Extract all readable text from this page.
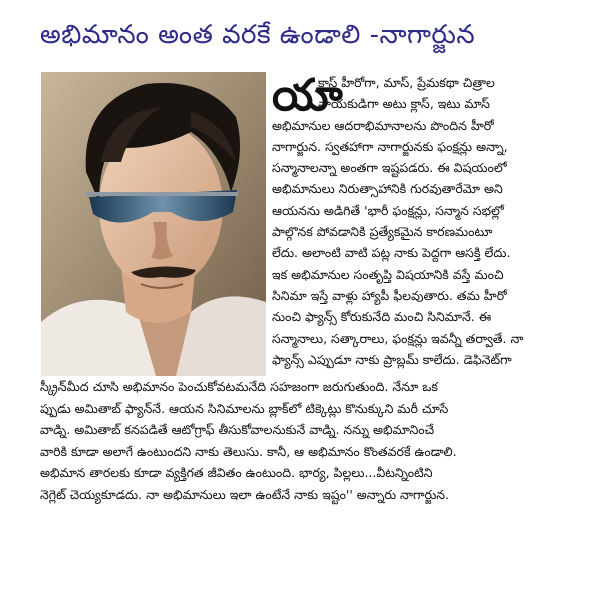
అభిమానం అంత వరకే ఉండాలి -నాగార్జున
యా
క్లాస్ హీరోగా, మాస్, ప్రేమకథా చిత్రాల
నాయకుడిగా అటు క్లాస్, ఇటు మాస్
అభిమానుల ఆదరాభిమానాలను పొందిన హీరో
నాగార్జున. స్వతహాగా నాగార్జునకు ఫంక్షన్లు అన్నా,
సన్మానాలన్నా అంతగా ఇష్టపడరు. ఈ విషయంలో
అభిమానులు నిరుత్సాహానికి గురవుతారేమో అని
ఆయనను అడిగితే 'భారీ ఫంక్షన్లు, సన్మాన సభల్లో
పాల్గొనక పోవడానికి ప్రత్యేకమైన కారణమంటూ
లేదు. అలాంటి వాటి పట్ల నాకు పెద్దగా ఆసక్తి లేదు.
ఇక అభిమానుల సంతృప్తి విషయానికి వస్తే మంచి
సినిమా ఇస్తే వాళ్లు హ్యాపీ ఫీలవుతారు. తమ హీరో
నుంచి ఫ్యాన్స్ కోరుకునేది మంచి సినిమానే. ఈ
సన్మానాలు, సత్కారాలు, ఫంక్షన్లు ఇవన్నీ తర్వాతే. నా
ఫ్యాన్స్ ఎప్పుడూ నాకు ప్రాబ్లమ్ కాలేదు. డెఫినెట్‌గా
స్క్రీన్‌మీద చూసి అభిమానం పెంచుకోవటమనేది సహజంగా జరుగుతుంది. నేనూ ఒక
ప్పుడు అమితాబ్ ఫ్యాన్‌నే. ఆయన సినిమాలను బ్లాక్‌లో టిక్కెట్లు కొనుక్కుని మరీ చూసే
వాడ్ని. అమితాబ్ కనపడితే ఆటోగ్రాఫ్ తీసుకోవాలనుకునే వాడ్ని. నన్ను అభిమానించే
వారికి కూడా అలాగే ఉంటుందని నాకు తెలుసు. కానీ, ఆ అభిమానం కొంతవరకే ఉండాలి.
అభిమాన తారలకు కూడా వ్యక్తిగత జీవితం ఉంటుంది. భార్య, పిల్లలు...వీటన్నింటిని
నెగ్లెట్ చెయ్యకూడదు. నా అభిమానులు ఇలా ఉంటేనే నాకు ఇష్టం'' అన్నారు నాగార్జున.
